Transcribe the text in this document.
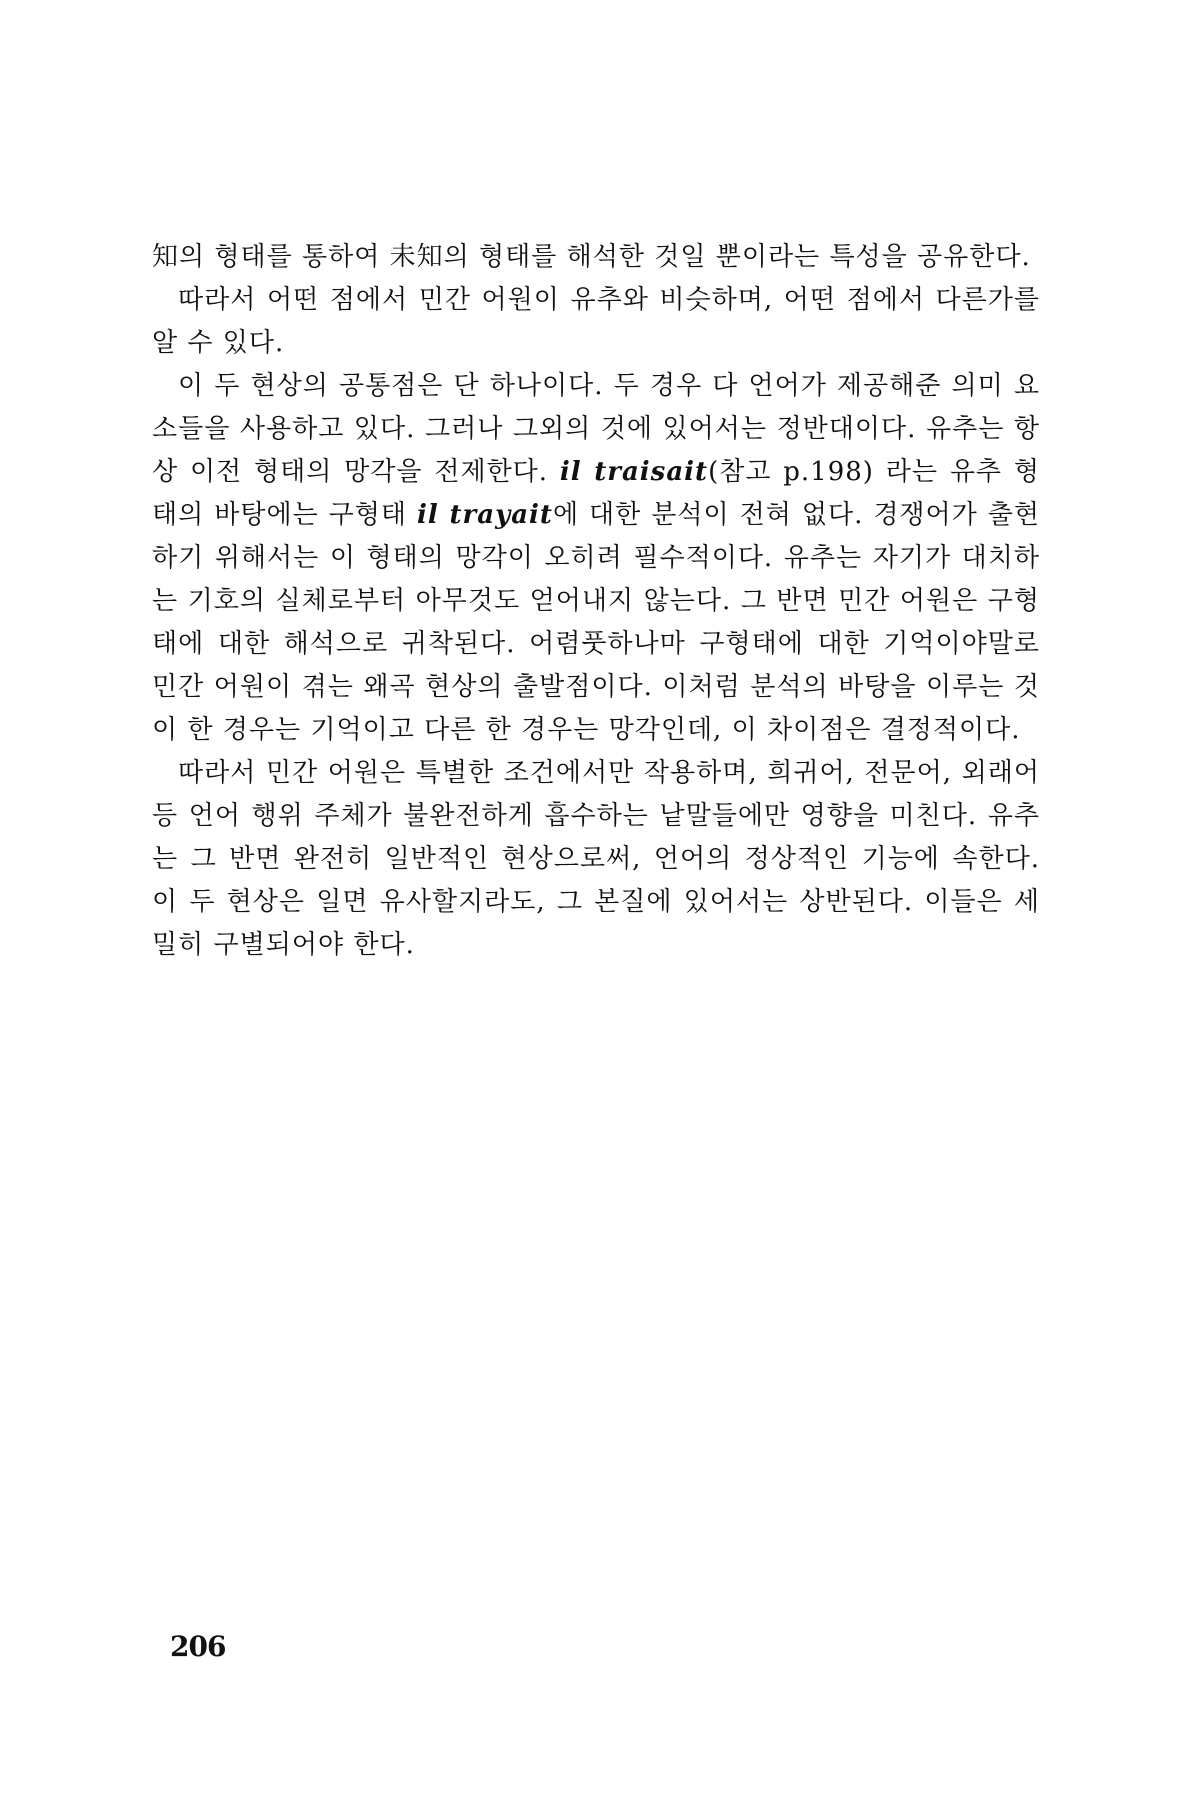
知의 형태를 통하여 未知의 형태를 해석한 것일 뿐이라는 특성을 공유한다.

따라서 어떤 점에서 민간 어원이 유추와 비슷하며, 어떤 점에서 다른가를 알 수 있다.

이 두 현상의 공통점은 단 하나이다. 두 경우 다 언어가 제공해준 의미 요소들을 사용하고 있다. 그러나 그외의 것에 있어서는 정반대이다. 유추는 항상 이전 형태의 망각을 전제한다. il traisait(참고 p.198) 라는 유추 형태의 바탕에는 구형태 il trayait에 대한 분석이 전혀 없다. 경쟁어가 출현하기 위해서는 이 형태의 망각이 오히려 필수적이다. 유추는 자기가 대치하는 기호의 실체로부터 아무것도 얻어내지 않는다. 그 반면 민간 어원은 구형태에 대한 해석으로 귀착된다. 어렴풋하나마 구형태에 대한 기억이야말로 민간 어원이 겪는 왜곡 현상의 출발점이다. 이처럼 분석의 바탕을 이루는 것이 한 경우는 기억이고 다른 한 경우는 망각인데, 이 차이점은 결정적이다.

따라서 민간 어원은 특별한 조건에서만 작용하며, 희귀어, 전문어, 외래어 등 언어 행위 주체가 불완전하게 흡수하는 낱말들에만 영향을 미친다. 유추는 그 반면 완전히 일반적인 현상으로써, 언어의 정상적인 기능에 속한다. 이 두 현상은 일면 유사할지라도, 그 본질에 있어서는 상반된다. 이들은 세밀히 구별되어야 한다.

206
